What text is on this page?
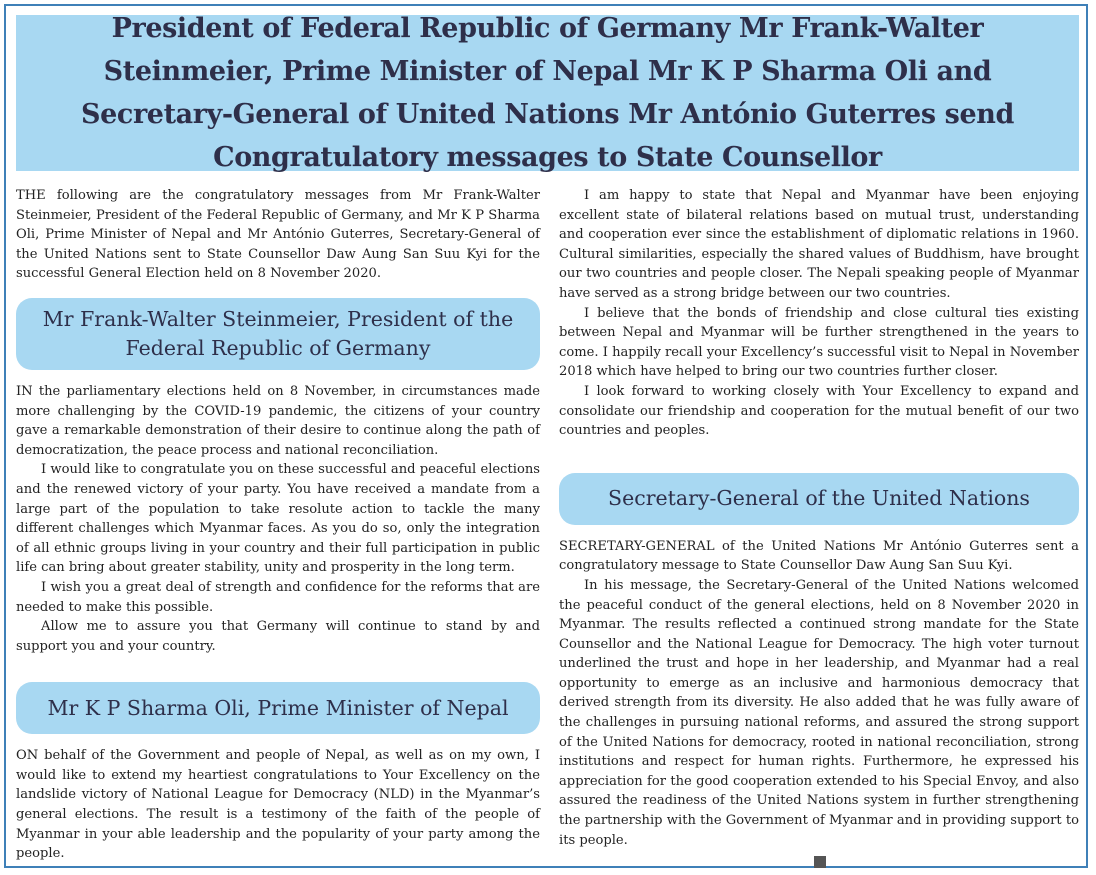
President of Federal Republic of Germany Mr Frank-Walter Steinmeier, Prime Minister of Nepal Mr K P Sharma Oli and Secretary-General of United Nations Mr António Guterres send Congratulatory messages to State Counsellor

THE following are the congratulatory messages from Mr Frank-Walter Steinmeier, President of the Federal Republic of Germany, and Mr K P Sharma Oli, Prime Minister of Nepal and Mr António Guterres, Secretary-General of the United Nations sent to State Counsellor Daw Aung San Suu Kyi for the successful General Election held on 8 November 2020.

Mr Frank-Walter Steinmeier, President of the Federal Republic of Germany

IN the parliamentary elections held on 8 November, in circumstances made more challenging by the COVID-19 pandemic, the citizens of your country gave a remarkable demonstration of their desire to continue along the path of democratization, the peace process and national reconciliation.

I would like to congratulate you on these successful and peaceful elections and the renewed victory of your party. You have received a mandate from a large part of the population to take resolute action to tackle the many different challenges which Myanmar faces. As you do so, only the integration of all ethnic groups living in your country and their full participation in public life can bring about greater stability, unity and prosperity in the long term.

I wish you a great deal of strength and confidence for the reforms that are needed to make this possible.

Allow me to assure you that Germany will continue to stand by and support you and your country.

Mr K P Sharma Oli, Prime Minister of Nepal

ON behalf of the Government and people of Nepal, as well as on my own, I would like to extend my heartiest congratulations to Your Excellency on the landslide victory of National League for Democracy (NLD) in the Myanmar’s general elections. The result is a testimony of the faith of the people of Myanmar in your able leadership and the popularity of your party among the people.

I am happy to state that Nepal and Myanmar have been enjoying excellent state of bilateral relations based on mutual trust, understanding and cooperation ever since the establishment of diplomatic relations in 1960. Cultural similarities, especially the shared values of Buddhism, have brought our two countries and people closer. The Nepali speaking people of Myanmar have served as a strong bridge between our two countries.

I believe that the bonds of friendship and close cultural ties existing between Nepal and Myanmar will be further strengthened in the years to come. I happily recall your Excellency’s successful visit to Nepal in November 2018 which have helped to bring our two countries further closer.

I look forward to working closely with Your Excellency to expand and consolidate our friendship and cooperation for the mutual benefit of our two countries and peoples.

Secretary-General of the United Nations

SECRETARY-GENERAL of the United Nations Mr António Guterres sent a congratulatory message to State Counsellor Daw Aung San Suu Kyi.

In his message, the Secretary-General of the United Nations welcomed the peaceful conduct of the general elections, held on 8 November 2020 in Myanmar. The results reflected a continued strong mandate for the State Counsellor and the National League for Democracy. The high voter turnout underlined the trust and hope in her leadership, and Myanmar had a real opportunity to emerge as an inclusive and harmonious democracy that derived strength from its diversity. He also added that he was fully aware of the challenges in pursuing national reforms, and assured the strong support of the United Nations for democracy, rooted in national reconciliation, strong institutions and respect for human rights. Furthermore, he expressed his appreciation for the good cooperation extended to his Special Envoy, and also assured the readiness of the United Nations system in further strengthening the partnership with the Government of Myanmar and in providing support to its people.
